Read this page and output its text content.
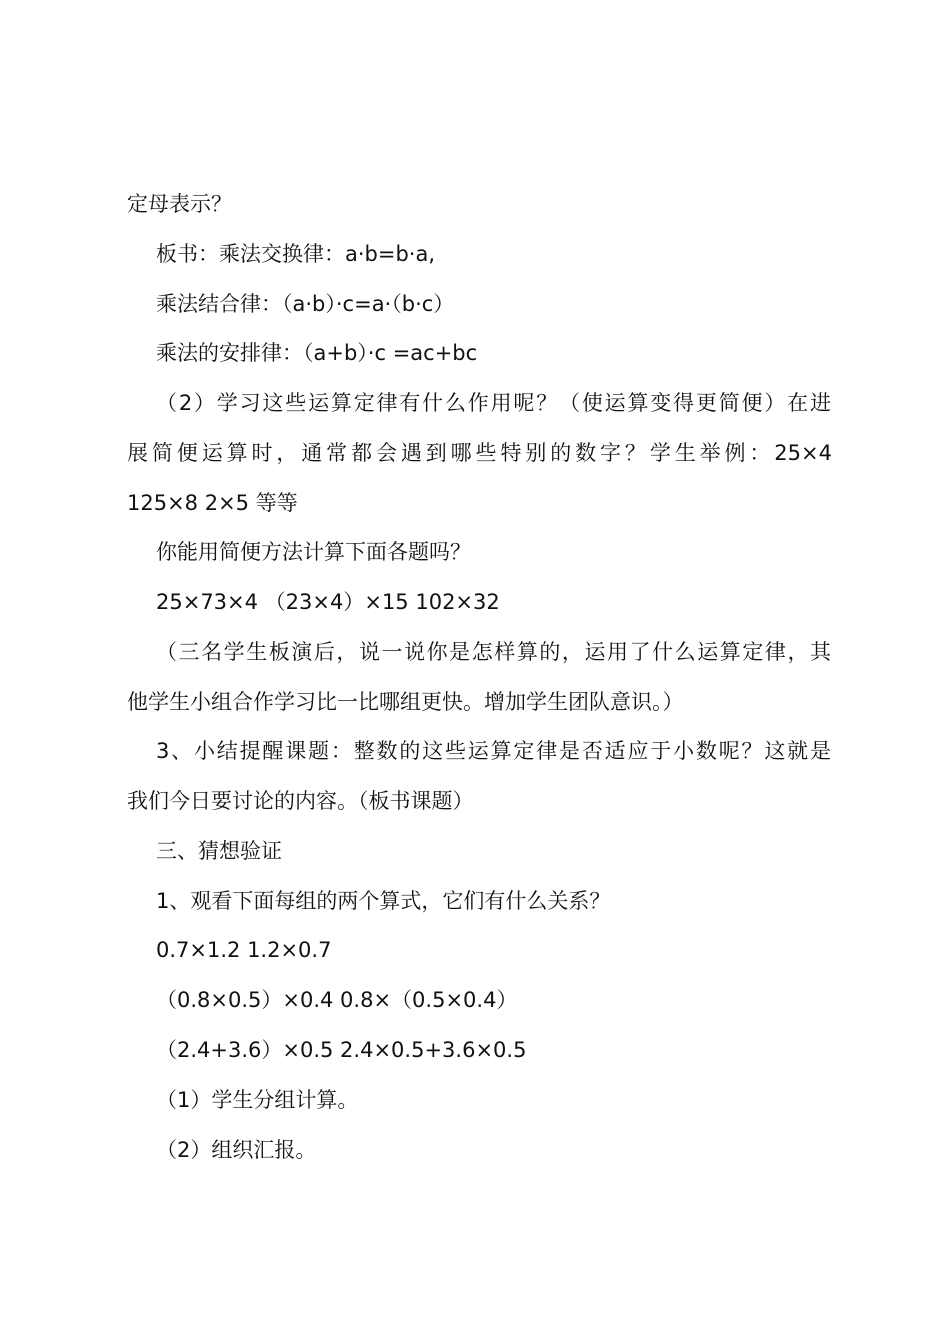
定母表示？
板书：乘法交换律：a·b=b·a,
乘法结合律：（a·b）·c=a·（b·c）
乘法的安排律：（a+b）·c =ac+bc
（2）学习这些运算定律有什么作用呢？（使运算变得更简便）在进
展简便运算时，通常都会遇到哪些特别的数字？学生举例：25×4
125×8 2×5 等等
你能用简便方法计算下面各题吗？
25×73×4 （23×4）×15 102×32
（三名学生板演后，说一说你是怎样算的，运用了什么运算定律，其
他学生小组合作学习比一比哪组更快。增加学生团队意识。）
3、小结提醒课题：整数的这些运算定律是否适应于小数呢？这就是
我们今日要讨论的内容。（板书课题）
三、猜想验证
1、观看下面每组的两个算式，它们有什么关系？
0.7×1.2 1.2×0.7
（0.8×0.5）×0.4 0.8×（0.5×0.4）
（2.4+3.6）×0.5 2.4×0.5+3.6×0.5
（1）学生分组计算。
（2）组织汇报。
